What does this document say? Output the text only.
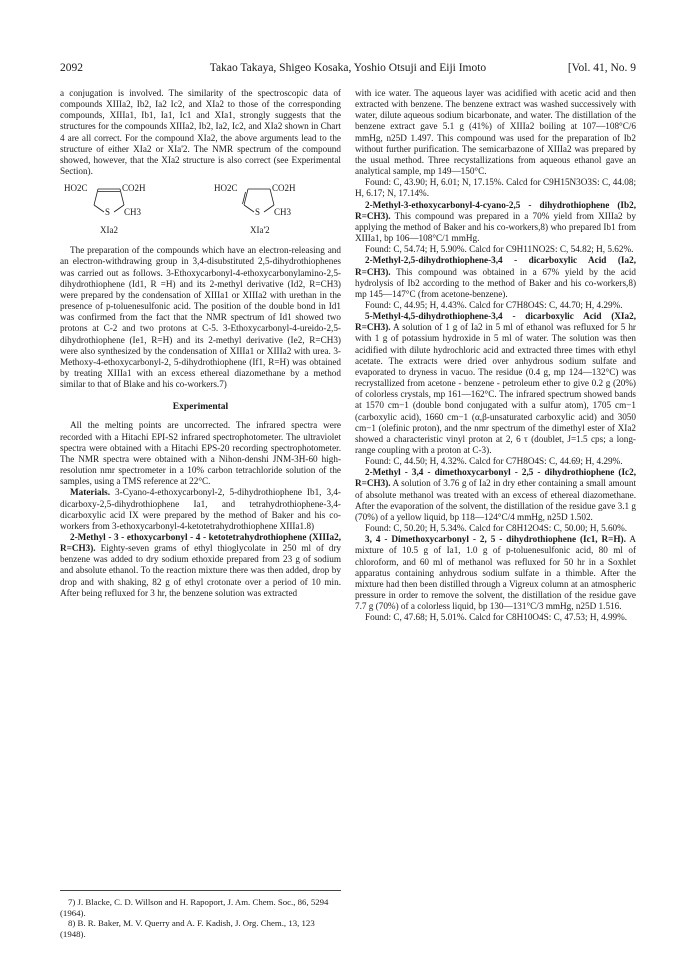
2092	Takao Takaya, Shigeo Kosaka, Yoshio Otsuji and Eiji Imoto	[Vol. 41, No. 9

a conjugation is involved. The similarity of the spectroscopic data of compounds XIIIa2, Ib2, Ia2 Ic2, and XIa2 to those of the corresponding compounds, XIIIa1, Ib1, Ia1, Ic1 and XIa1, strongly suggests that the structures for the compounds XIIIa2, Ib2, Ia2, Ic2, and XIa2 shown in Chart 4 are all correct. For the compound XIa2, the above arguments lead to the structure of either XIa2 or XIa'2. The NMR spectrum of the compound showed, however, that the XIa2 structure is also correct (see Experimental Section).

HO2C	CO2H
S CH3
XIa2
HO2C	CO2H
S CH3
XIa'2

The preparation of the compounds which have an electron-releasing and an electron-withdrawing group in 3,4-disubstituted 2,5-dihydrothiophenes was carried out as follows. 3-Ethoxycarbonyl-4-ethoxycarbonylamino-2,5-dihydrothiophene (Id1, R =H) and its 2-methyl derivative (Id2, R=CH3) were prepared by the condensation of XIIIa1 or XIIIa2 with urethan in the presence of p-toluenesulfonic acid. The position of the double bond in Id1 was confirmed from the fact that the NMR spectrum of Id1 showed two protons at C-2 and two protons at C-5. 3-Ethoxycarbonyl-4-ureido-2,5-dihydrothiophene (Ie1, R=H) and its 2-methyl derivative (Ie2, R=CH3) were also synthesized by the condensation of XIIIa1 or XIIIa2 with urea. 3-Methoxy-4-ethoxycarbonyl-2, 5-dihydrothiophene (If1, R=H) was obtained by treating XIIIa1 with an excess ethereal diazomethane by a method similar to that of Blake and his co-workers.7)

Experimental

All the melting points are uncorrected. The infrared spectra were recorded with a Hitachi EPI-S2 infrared spectrophotometer. The ultraviolet spectra were obtained with a Hitachi EPS-20 recording spectrophotometer. The NMR spectra were obtained with a Nihon-denshi JNM-3H-60 high-resolution nmr spectrometer in a 10% carbon tetrachloride solution of the samples, using a TMS reference at 22°C.

Materials. 3-Cyano-4-ethoxycarbonyl-2, 5-dihydrothiophene Ib1, 3,4-dicarboxy-2,5-dihydrothiophene Ia1, and tetrahydrothiophene-3,4-dicarboxylic acid IX were prepared by the method of Baker and his co-workers from 3-ethoxycarbonyl-4-ketotetrahydrothiophene XIIIa1.8)

2-Methyl - 3 - ethoxycarbonyl - 4 - ketotetrahydrothiophene (XIIIa2, R=CH3). Eighty-seven grams of ethyl thioglycolate in 250 ml of dry benzene was added to dry sodium ethoxide prepared from 23 g of sodium and absolute ethanol. To the reaction mixture there was then added, drop by drop and with shaking, 82 g of ethyl crotonate over a period of 10 min. After being refluxed for 3 hr, the benzene solution was extracted

7) J. Blacke, C. D. Willson and H. Rapoport, J. Am. Chem. Soc., 86, 5294 (1964).
8) B. R. Baker, M. V. Querry and A. F. Kadish, J. Org. Chem., 13, 123 (1948).

with ice water. The aqueous layer was acidified with acetic acid and then extracted with benzene. The benzene extract was washed successively with water, dilute aqueous sodium bicarbonate, and water. The distillation of the benzene extract gave 5.1 g (41%) of XIIIa2 boiling at 107—108°C/6 mmHg, n25D 1.497. This compound was used for the preparation of Ib2 without further purification. The semicarbazone of XIIIa2 was prepared by the usual method. Three recystallizations from aqueous ethanol gave an analytical sample, mp 149—150°C.

Found: C, 43.90; H, 6.01; N, 17.15%. Calcd for C9H15N3O3S: C, 44.08; H, 6.17; N, 17.14%.

2-Methyl-3-ethoxycarbonyl-4-cyano-2,5 - dihydrothiophene (Ib2, R=CH3). This compound was prepared in a 70% yield from XIIIa2 by applying the method of Baker and his co-workers,8) who prepared Ib1 from XIIIa1, bp 106—108°C/1 mmHg.

Found: C, 54.74; H, 5.90%. Calcd for C9H11NO2S: C, 54.82; H, 5.62%.

2-Methyl-2,5-dihydrothiophene-3,4 - dicarboxylic Acid (Ia2, R=CH3). This compound was obtained in a 67% yield by the acid hydrolysis of Ib2 according to the method of Baker and his co-workers,8) mp 145—147°C (from acetone-benzene).

Found: C, 44.95; H, 4.43%. Calcd for C7H8O4S: C, 44.70; H, 4.29%.

5-Methyl-4,5-dihydrothiophene-3,4 - dicarboxylic Acid (XIa2, R=CH3). A solution of 1 g of Ia2 in 5 ml of ethanol was refluxed for 5 hr with 1 g of potassium hydroxide in 5 ml of water. The solution was then acidified with dilute hydrochloric acid and extracted three times with ethyl acetate. The extracts were dried over anhydrous sodium sulfate and evaporated to dryness in vacuo. The residue (0.4 g, mp 124—132°C) was recrystallized from acetone - benzene - petroleum ether to give 0.2 g (20%) of colorless crystals, mp 161—162°C. The infrared spectrum showed bands at 1570 cm−1 (double bond conjugated with a sulfur atom), 1705 cm−1 (carboxylic acid), 1660 cm−1 (α,β-unsaturated carboxylic acid) and 3050 cm−1 (olefinic proton), and the nmr spectrum of the dimethyl ester of XIa2 showed a characteristic vinyl proton at 2, 6 τ (doublet, J=1.5 cps; a long-range coupling with a proton at C-3).

Found: C, 44.50; H, 4.32%. Calcd for C7H8O4S: C, 44.69; H, 4.29%.

2-Methyl - 3,4 - dimethoxycarbonyl - 2,5 - dihydrothiophene (Ic2, R=CH3). A solution of 3.76 g of Ia2 in dry ether containing a small amount of absolute methanol was treated with an excess of ethereal diazomethane. After the evaporation of the solvent, the distillation of the residue gave 3.1 g (70%) of a yellow liquid, bp 118—124°C/4 mmHg, n25D 1.502.

Found: C, 50.20; H, 5.34%. Calcd for C8H12O4S: C, 50.00; H, 5.60%.

3, 4 - Dimethoxycarbonyl - 2, 5 - dihydrothiophene (Ic1, R=H). A mixture of 10.5 g of Ia1, 1.0 g of p-toluenesulfonic acid, 80 ml of chloroform, and 60 ml of methanol was refluxed for 50 hr in a Soxhlet apparatus containing anhydrous sodium sulfate in a thimble. After the mixture had then been distilled through a Vigreux column at an atmospheric pressure in order to remove the solvent, the distillation of the residue gave 7.7 g (70%) of a colorless liquid, bp 130—131°C/3 mmHg, n25D 1.516.

Found: C, 47.68; H, 5.01%. Calcd for C8H10O4S: C, 47.53; H, 4.99%.
